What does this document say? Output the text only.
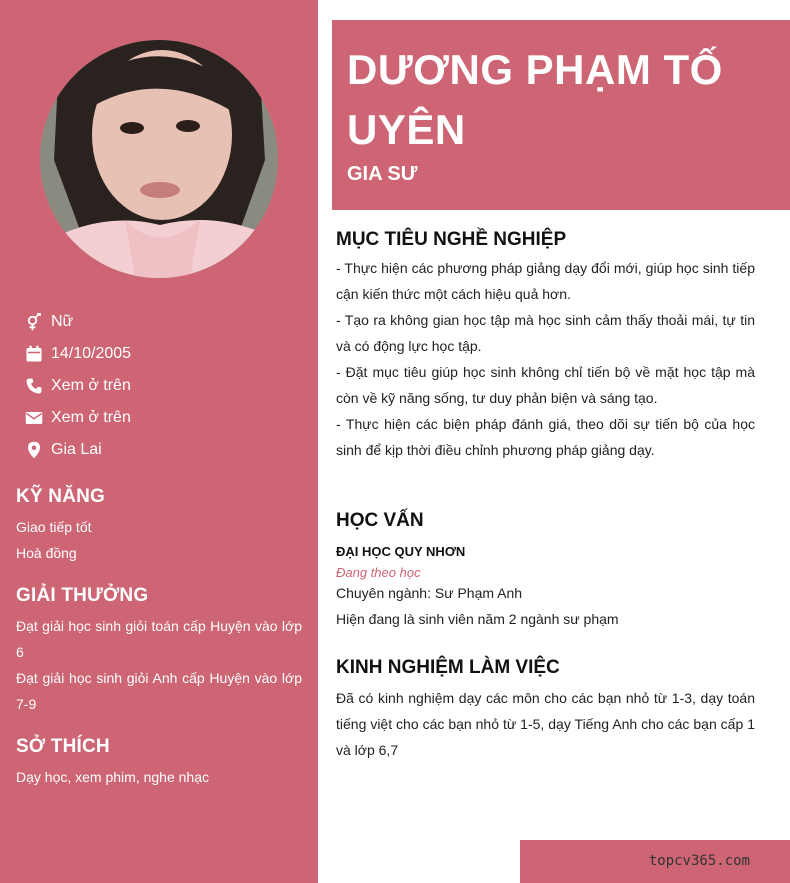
Nữ
14/10/2005
Xem ở trên
Xem ở trên
Gia Lai
KỸ NĂNG
Giao tiếp tốt
Hoà đồng
GIẢI THƯỞNG
Đạt giải học sinh giỏi toán cấp Huyện vào lớp 6
Đạt giải học sinh giỏi Anh cấp Huyện vào lớp 7-9
SỞ THÍCH
Dạy học, xem phim, nghe nhạc
DƯƠNG PHẠM TỐ UYÊN
GIA SƯ
MỤC TIÊU NGHỀ NGHIỆP
- Thực hiện các phương pháp giảng dạy đổi mới, giúp học sinh tiếp cận kiến thức một cách hiệu quả hơn.
- Tạo ra không gian học tập mà học sinh cảm thấy thoải mái, tự tin và có động lực học tập.
- Đặt mục tiêu giúp học sinh không chỉ tiến bộ về mặt học tập mà còn về kỹ năng sống, tư duy phản biện và sáng tạo.
- Thực hiện các biện pháp đánh giá, theo dõi sự tiến bộ của học sinh để kịp thời điều chỉnh phương pháp giảng dạy.
HỌC VẤN
ĐẠI HỌC QUY NHƠN
Đang theo học
Chuyên ngành: Sư Phạm Anh
Hiện đang là sinh viên năm 2 ngành sư phạm
KINH NGHIỆM LÀM VIỆC
Đã có kinh nghiệm dạy các môn cho các bạn nhỏ từ 1-3, dạy toán tiếng việt cho các bạn nhỏ từ 1-5, dạy Tiếng Anh cho các bạn cấp 1 và lớp 6,7
topcv365.com
